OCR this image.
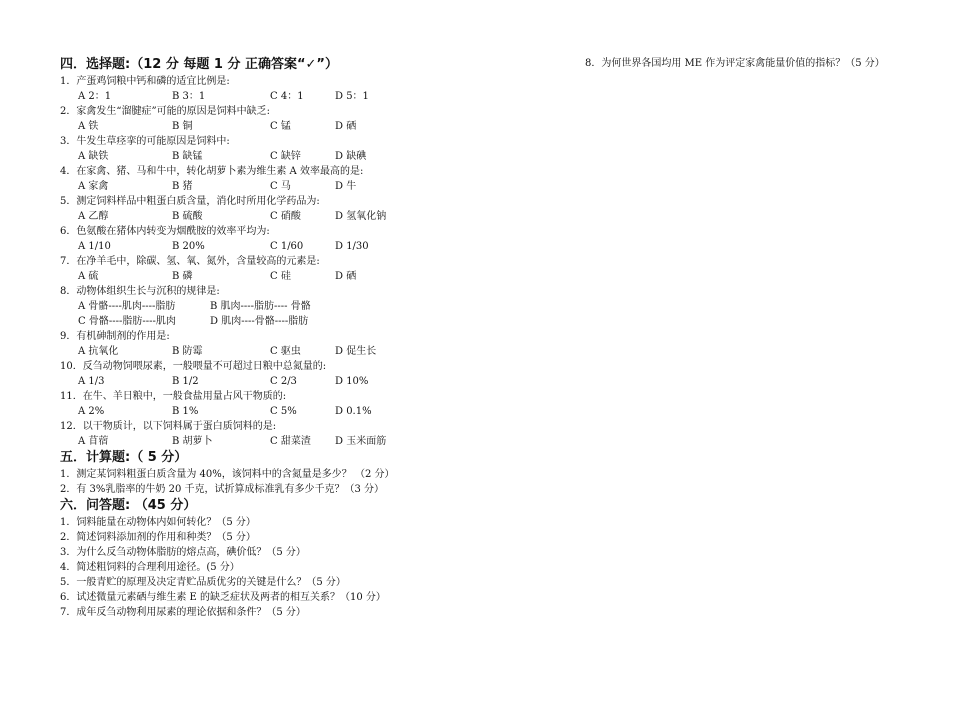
四．选择题:（12 分 每题 1 分 正确答案“✓”）
1．产蛋鸡饲粮中钙和磷的适宜比例是:
A 2：1	B 3：1	C 4：1	D 5：1
2．家禽发生“溜腱症”可能的原因是饲料中缺乏:
A 铁	B 铜	C 锰	D 硒
3．牛发生草痉挛的可能原因是饲料中:
A 缺铁	B 缺锰	C 缺锌	D 缺碘
4．在家禽、猪、马和牛中，转化胡萝卜素为维生素 A 效率最高的是:
A 家禽	B 猪	C 马	D 牛
5．测定饲料样品中粗蛋白质含量，消化时所用化学药品为:
A 乙醇	B 硫酸	C 硝酸	D 氢氧化钠
6．色氨酸在猪体内转变为烟酰胺的效率平均为:
A 1/10	B 20%	C 1/60	D 1/30
7．在净羊毛中，除碳、氢、氧、氮外，含量较高的元素是:
A 硫	B 磷	C 硅	D 硒
8．动物体组织生长与沉积的规律是:
A 骨骼----肌肉----脂肪	B 肌肉----脂肪---- 骨骼
C 骨骼----脂肪----肌肉	D 肌肉----骨骼----脂肪
9．有机砷制剂的作用是:
A 抗氧化	B 防霉	C 驱虫	D 促生长
10．反刍动物饲喂尿素，一般喂量不可超过日粮中总氮量的:
A 1/3	B 1/2	C 2/3	D 10%
11．在牛、羊日粮中，一般食盐用量占风干物质的:
A 2%	B 1%	C 5%	D 0.1%
12．以干物质计，以下饲料属于蛋白质饲料的是:
A 苜蓿	B 胡萝卜	C 甜菜渣 D 玉米面筋
五．计算题:（ 5 分）
1．测定某饲料粗蛋白质含量为 40%，该饲料中的含氮量是多少？ （2 分）
2．有 3%乳脂率的牛奶 20 千克，试折算成标准乳有多少千克？（3 分）
六．问答题: （45 分）
1．饲料能量在动物体内如何转化？（5 分）
2．简述饲料添加剂的作用和种类？（5 分）
3．为什么反刍动物体脂肪的熔点高，碘价低？（5 分）
4．简述粗饲料的合理利用途径。(5 分）
5．一般青贮的原理及决定青贮品质优劣的关键是什么？（5 分）
6．试述微量元素硒与维生素 E 的缺乏症状及两者的相互关系？（10 分）
7．成年反刍动物利用尿素的理论依据和条件？（5 分）
8．为何世界各国均用 ME 作为评定家禽能量价值的指标？（5 分）
